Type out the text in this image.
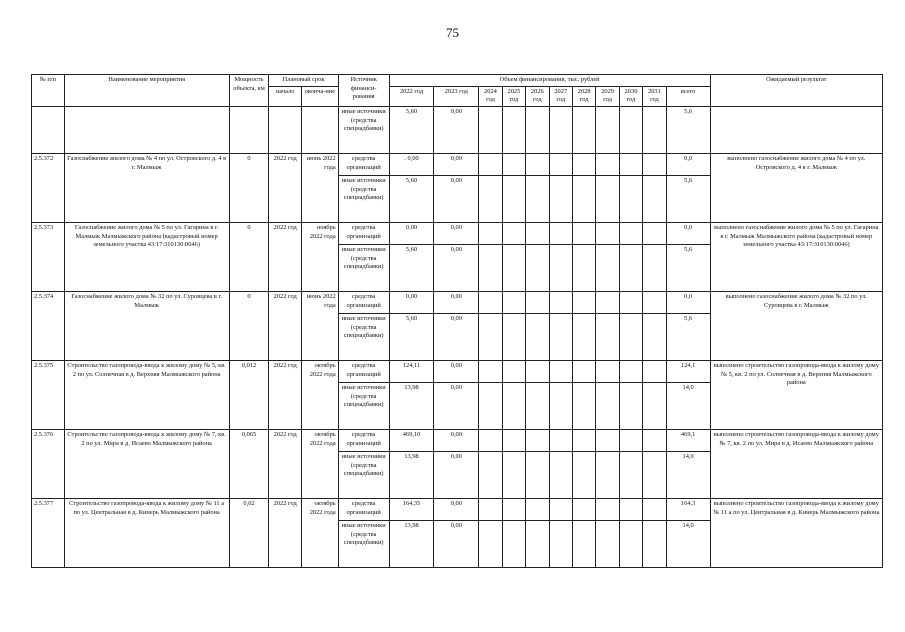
75
№ п/п	Наименование мероприятия	Мощность объекта, км	Плановый срок		Источник финанси-рования	Объем финансирования, тыс. рублей											Ожидаемый результат
			начало	оконча-ние		2022 год	2023 год	2024 год	2025 год	2026 год	2027 год	2028 год	2029 год	2030 год	2031 год	всего	

					иные источники (средства спецнадбавки)	5,60	0,00									5,6	
2.5.372	Газоснабжение жилого дома № 4 по ул. Островского д. 4 в г. Малмыж	0	2022 год	июнь 2022 года	средства организаций	. 0,00	0,00									0,0	выполнено газоснабжение жилого дома № 4 по ул. Островского д. 4 в г. Малмыж
					иные источники (средства спецнадбавки)	5,60	0,00									5,6	
2.5.373	Газоснабжение жилого дома № 5 по ул. Гагарина в г. Малмыж Малмыжского района (кадастровый номер земельного участка 43:17:310130:0046)	0	2022 год	ноябрь 2022 года	средства организаций	0,00	0,00									0,0	выполнено газоснабжение жилого дома № 5 по ул. Гагарина в г. Малмыж Малмыжского района (кадастровый номер земельного участка 43:17:310130:0046)
					иные источники (средства спецнадбавки)	5,60	0,00									5,6	
2.5.374	Газоснабжение жилого дома № 32 по ул. Суровцева в г. Малмыж	0	2022 год	июнь 2022 года	средства организаций	0,00	0,00									0,0	выполнено газоснабжение жилого дома № 32 по ул. Суровцева в г. Малмыж
					иные источники (средства спецнадбавки)	5,60	0,00									5,6	
2.5.375	Строительство газопровода-ввода к жилому дому № 5, кв. 2 по ул. Солнечная в д. Верхняя Малмыжского района	0,012	2022 год	октябрь 2022 года	средства организаций	124,11	0,00									124,1	выполнено строительство газопровода-ввода к жилому дому № 5, кв. 2 по ул. Солнечная в д. Верхняя Малмыжского района
					иные источники (средства спецнадбавки)	13,98	0,00									14,0	
2.5.376	Строительство газопровода-ввода к жилому дому № 7, кв. 2 по ул. Мира в д. Исаево Малмыжского района	0,065	2022 год	октябрь 2022 года	средства организаций	469,10	0,00									469,1	выполнено строительство газопровода-ввода к жилому дому № 7, кв. 2 по ул. Мира в д. Исаево Малмыжского района
					иные источники (средства спецнадбавки)	13,98	0,00									14,0	
2.5.377	Строительство газопровода-ввода к жилому дому № 11 а по ул. Центральная в д. Кинерь Малмыжского района	0,02	2022 год	октябрь 2022 года	средства организаций	164,35	0,00									164,3	выполнено строительство газопровода-ввода к жилому дому № 11 а по ул. Центральная в д. Кинерь Малмыжского района
					иные источники (средства спецнадбавки)	13,98	0,00									14,0	
